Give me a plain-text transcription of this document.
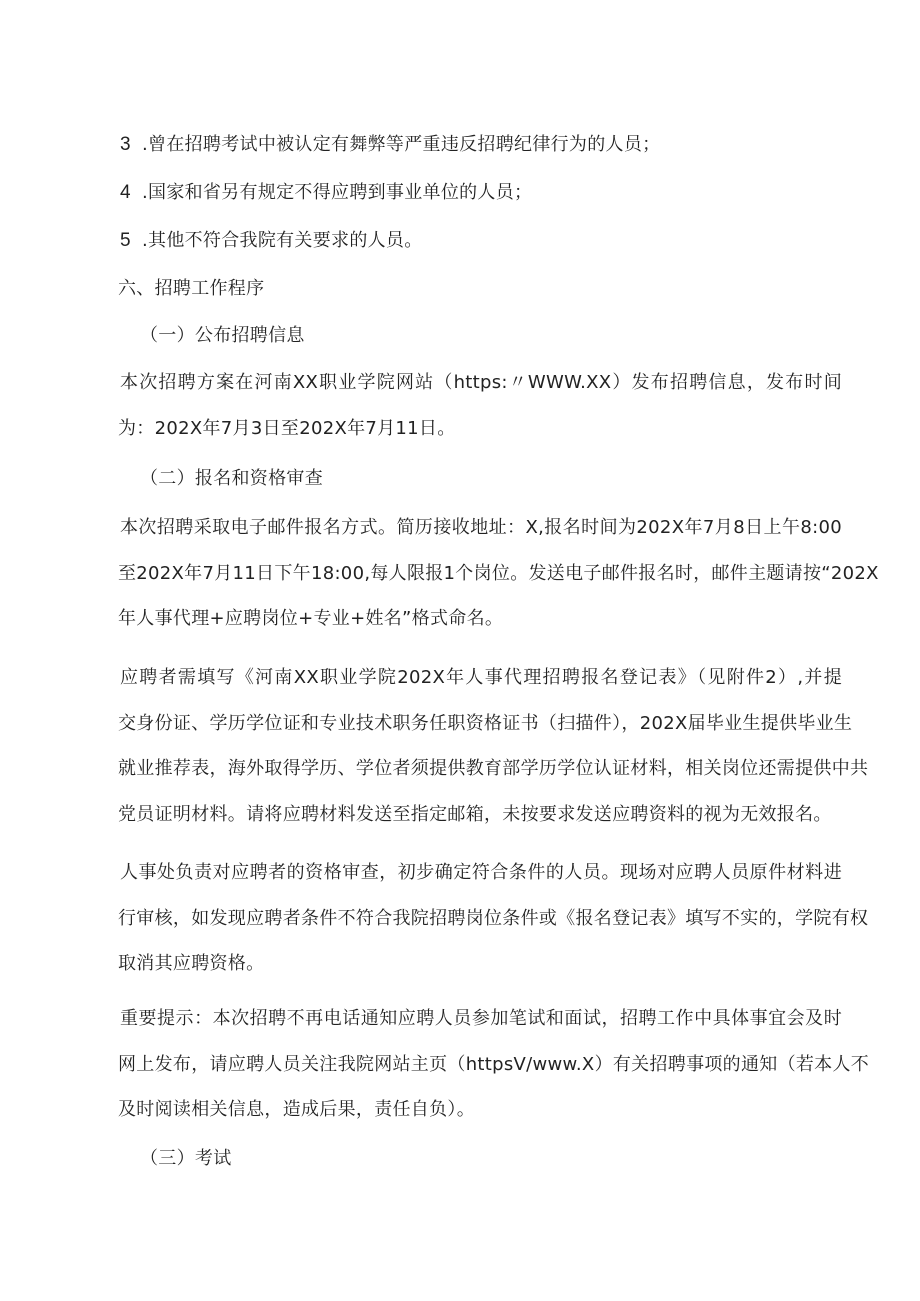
3 .曾在招聘考试中被认定有舞弊等严重违反招聘纪律行为的人员；
4 .国家和省另有规定不得应聘到事业单位的人员；
5 .其他不符合我院有关要求的人员。
六、招聘工作程序
（一）公布招聘信息
本次招聘方案在河南XX职业学院网站（https:〃WWW.XX）发布招聘信息，发布时间
为：202X年7月3日至202X年7月11日。
（二）报名和资格审查
本次招聘采取电子邮件报名方式。简历接收地址：X,报名时间为202X年7月8日上午8:00
至202X年7月11日下午18:00,每人限报1个岗位。发送电子邮件报名时，邮件主题请按“202X
年人事代理+应聘岗位+专业+姓名”格式命名。
应聘者需填写《河南XX职业学院202X年人事代理招聘报名登记表》（见附件2）,并提
交身份证、学历学位证和专业技术职务任职资格证书（扫描件），202X届毕业生提供毕业生
就业推荐表，海外取得学历、学位者须提供教育部学历学位认证材料，相关岗位还需提供中共
党员证明材料。请将应聘材料发送至指定邮箱，未按要求发送应聘资料的视为无效报名。
人事处负责对应聘者的资格审查，初步确定符合条件的人员。现场对应聘人员原件材料进
行审核，如发现应聘者条件不符合我院招聘岗位条件或《报名登记表》填写不实的，学院有权
取消其应聘资格。
重要提示：本次招聘不再电话通知应聘人员参加笔试和面试，招聘工作中具体事宜会及时
网上发布，请应聘人员关注我院网站主页（httpsV/www.X）有关招聘事项的通知（若本人不
及时阅读相关信息，造成后果，责任自负）。
（三）考试
